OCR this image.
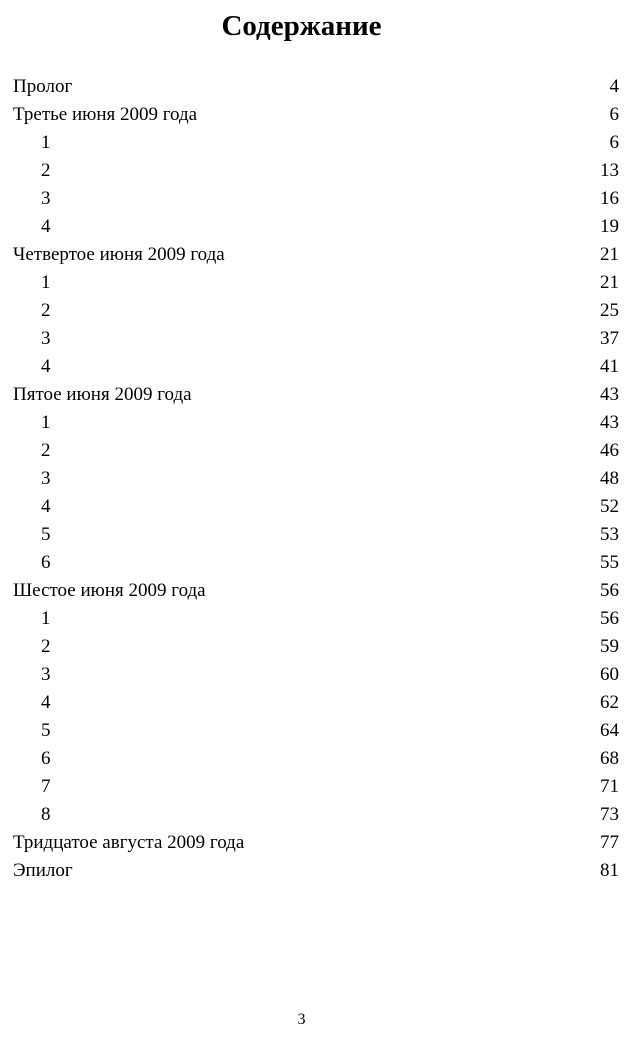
Содержание
Пролог	4
Третье июня 2009 года	6
1	6
2	13
3	16
4	19
Четвертое июня 2009 года	21
1	21
2	25
3	37
4	41
Пятое июня 2009 года	43
1	43
2	46
3	48
4	52
5	53
6	55
Шестое июня 2009 года	56
1	56
2	59
3	60
4	62
5	64
6	68
7	71
8	73
Тридцатое августа 2009 года	77
Эпилог	81
3
